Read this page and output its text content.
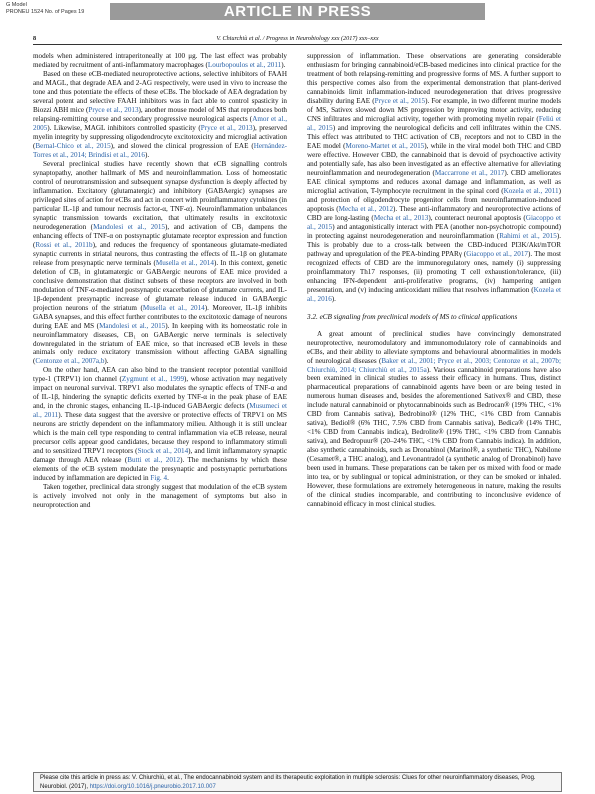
G Model
PRONEU 1524 No. of Pages 19	ARTICLE IN PRESS
8	V. Chiurchiù et al. / Progress in Neurobiology xxx (2017) xxx–xxx

models when administered intraperitoneally at 100 μg. The last effect was probably mediated by recruitment of anti-inflammatory macrophages (Lourbopoulos et al., 2011).

Based on these eCB-mediated neuroprotective actions, selective inhibitors of FAAH and MAGL, that degrade AEA and 2-AG respectively, were used in vivo to increase the tone and thus potentiate the effects of these eCBs. The blockade of AEA degradation by several potent and selective FAAH inhibitors was in fact able to control spasticity in Biozzi ABH mice (Pryce et al., 2013), another mouse model of MS that reproduces both relapsing-remitting course and secondary progressive neurological aspects (Amor et al., 2005). Likewise, MAGL inhibitors controlled spasticity (Pryce et al., 2013), preserved myelin integrity by suppressing oligodendrocyte excitotoxicity and microglial activation (Bernal-Chico et al., 2015), and slowed the clinical progression of EAE (Hernández-Torres et al., 2014; Brindisi et al., 2016).

Several preclinical studies have recently shown that eCB signalling controls synaptopathy, another hallmark of MS and neuroinflammation. Loss of homeostatic control of neurotransmission and subsequent synapse dysfunction is deeply affected by inflammation. Excitatory (glutamatergic) and inhibitory (GABAergic) synapses are privileged sites of action for eCBs and act in concert with proinflammatory cytokines (in particular IL-1β and tumour necrosis factor-α, TNF-α). Neuroinflammation unbalances synaptic transmission towards excitation, that ultimately results in excitotoxic neurodegeneration (Mandolesi et al., 2015), and activation of CB₁ dampens the enhancing effects of TNF-α on postsynaptic glutamate receptor expression and function (Rossi et al., 2011b), and reduces the frequency of spontaneous glutamate-mediated synaptic currents in striatal neurons, thus contrasting the effects of IL-1β on glutamate release from presynaptic nerve terminals (Musella et al., 2014). In this context, genetic deletion of CB₁ in glutamatergic or GABAergic neurons of EAE mice provided a conclusive demonstration that distinct subsets of these receptors are involved in both modulation of TNF-α-mediated postsynaptic exacerbation of glutamate currents, and IL-1β-dependent presynaptic increase of glutamate release induced in GABAergic projection neurons of the striatum (Musella et al., 2014). Moreover, IL-1β inhibits GABA synapses, and this effect further contributes to the excitotoxic damage of neurons during EAE and MS (Mandolesi et al., 2015). In keeping with its homeostatic role in neuroinflammatory diseases, CB₁ on GABAergic nerve terminals is selectively downregulated in the striatum of EAE mice, so that increased eCB levels in these animals only reduce excitatory transmission without affecting GABA signalling (Centonze et al., 2007a,b).

On the other hand, AEA can also bind to the transient receptor potential vanilloid type-1 (TRPV1) ion channel (Zygmunt et al., 1999), whose activation may negatively impact on neuronal survival. TRPV1 also modulates the synaptic effects of TNF-α and of IL-1β, hindering the synaptic deficits exerted by TNF-α in the peak phase of EAE and, in the chronic stages, enhancing IL-1β-induced GABAergic defects (Musumeci et al., 2011). These data suggest that the aversive or protective effects of TRPV1 on MS neurons are strictly dependent on the inflammatory milieu. Although it is still unclear which is the main cell type responding to central inflammation via eCB release, neural precursor cells appear good candidates, because they respond to inflammatory stimuli and to sensitized TRPV1 receptors (Stock et al., 2014), and limit inflammatory synaptic damage through AEA release (Butti et al., 2012). The mechanisms by which these elements of the eCB system modulate the presynaptic and postsynaptic perturbations induced by inflammation are depicted in Fig. 4.

Taken together, preclinical data strongly suggest that modulation of the eCB system is actively involved not only in the management of symptoms but also in neuroprotection and

suppression of inflammation. These observations are generating considerable enthusiasm for bringing cannabinoid/eCB-based medicines into clinical practice for the treatment of both relapsing-remitting and progressive forms of MS. A further support to this perspective comes also from the experimental demonstration that plant-derived cannabinoids limit inflammation-induced neurodegeneration that drives progressive disability during EAE (Pryce et al., 2015). For example, in two different murine models of MS, Sativex slowed down MS progression by improving motor activity, reducing CNS infiltrates and microglial activity, together with promoting myelin repair (Feliú et al., 2015) and improving the neurological deficits and cell infiltrates within the CNS. This effect was attributed to THC activation of CB₁ receptors and not to CBD in the EAE model (Moreno-Martet et al., 2015), while in the viral model both THC and CBD were effective. However CBD, the cannabinoid that is devoid of psychoactive activity and potentially safe, has also been investigated as an effective alternative for alleviating neuroinflammation and neurodegeneration (Maccarrone et al., 2017). CBD ameliorates EAE clinical symptoms and reduces axonal damage and inflammation, as well as microglial activation, T-lymphocyte recruitment in the spinal cord (Kozela et al., 2011) and protection of oligodendrocyte progenitor cells from neuroinflammation-induced apoptosis (Mecha et al., 2012). These anti-inflammatory and neuroprotective actions of CBD are long-lasting (Mecha et al., 2013), counteract neuronal apoptosis (Giacoppo et al., 2015) and antagonistically interact with PEA (another non-psychotropic compound) in protecting against neurodegeneration and neuroinflammation (Rahimi et al., 2015). This is probably due to a cross-talk between the CBD-induced PI3K/Akt/mTOR pathway and upregulation of the PEA-binding PPARγ (Giacoppo et al., 2017). The most recognized effects of CBD are the immunoregulatory ones, namely (i) suppressing proinflammatory Th17 responses, (ii) promoting T cell exhaustion/tolerance, (iii) enhancing IFN-dependent anti-proliferative programs, (iv) hampering antigen presentation, and (v) inducing anticoxidant milieu that resolves inflammation (Kozela et al., 2016).

3.2. eCB signaling from preclinical models of MS to clinical applications

A great amount of preclinical studies have convincingly demonstrated neuroprotective, neuromodulatory and immunomodulatory role of cannabinoids and eCBs, and their ability to alleviate symptoms and behavioural abnormalities in models of neurological diseases (Baker et al., 2001; Pryce et al., 2003; Centonze et al., 2007b; Chiurchiù, 2014; Chiurchiù et al., 2015a). Various cannabinoid preparations have also been examined in clinical studies to assess their efficacy in humans. Thus, distinct pharmaceutical preparations of cannabinoid agents have been or are being tested in numerous human diseases and, besides the aforementioned Sativex® and CBD, these include natural cannabinoid or phytocannabinoids such as Bedrocan® (19% THC, <1% CBD from Cannabis sativa), Bedrobinol® (12% THC, <1% CBD from Cannabis sativa), Bediol® (6% THC, 7.5% CBD from Cannabis sativa), Bedica® (14% THC, <1% CBD from Cannabis indica), Bedrolite® (19% THC, <1% CBD from Cannabis sativa), and Bedropuur® (20–24% THC, <1% CBD from Cannabis indica). In addition, also synthetic cannabinoids, such as Dronabinol (Marinol®, a synthetic THC), Nabilone (Cesamet®, a THC analog), and Levonantradol (a synthetic analog of Dronabinol) have been used in humans. These preparations can be taken per os mixed with food or made into tea, or by sublingual or topical administration, or they can be smoked or inhaled. However, these formulations are extremely heterogeneous in nature, making the results of the clinical studies incomparable, and contributing to inconclusive evidence of cannabinoid efficacy in most clinical studies.

Please cite this article in press as: V. Chiurchiù, et al., The endocannabinoid system and its therapeutic exploitation in multiple sclerosis: Clues for other neuroinflammatory diseases, Prog. Neurobiol. (2017), https://doi.org/10.1016/j.pneurobio.2017.10.007
